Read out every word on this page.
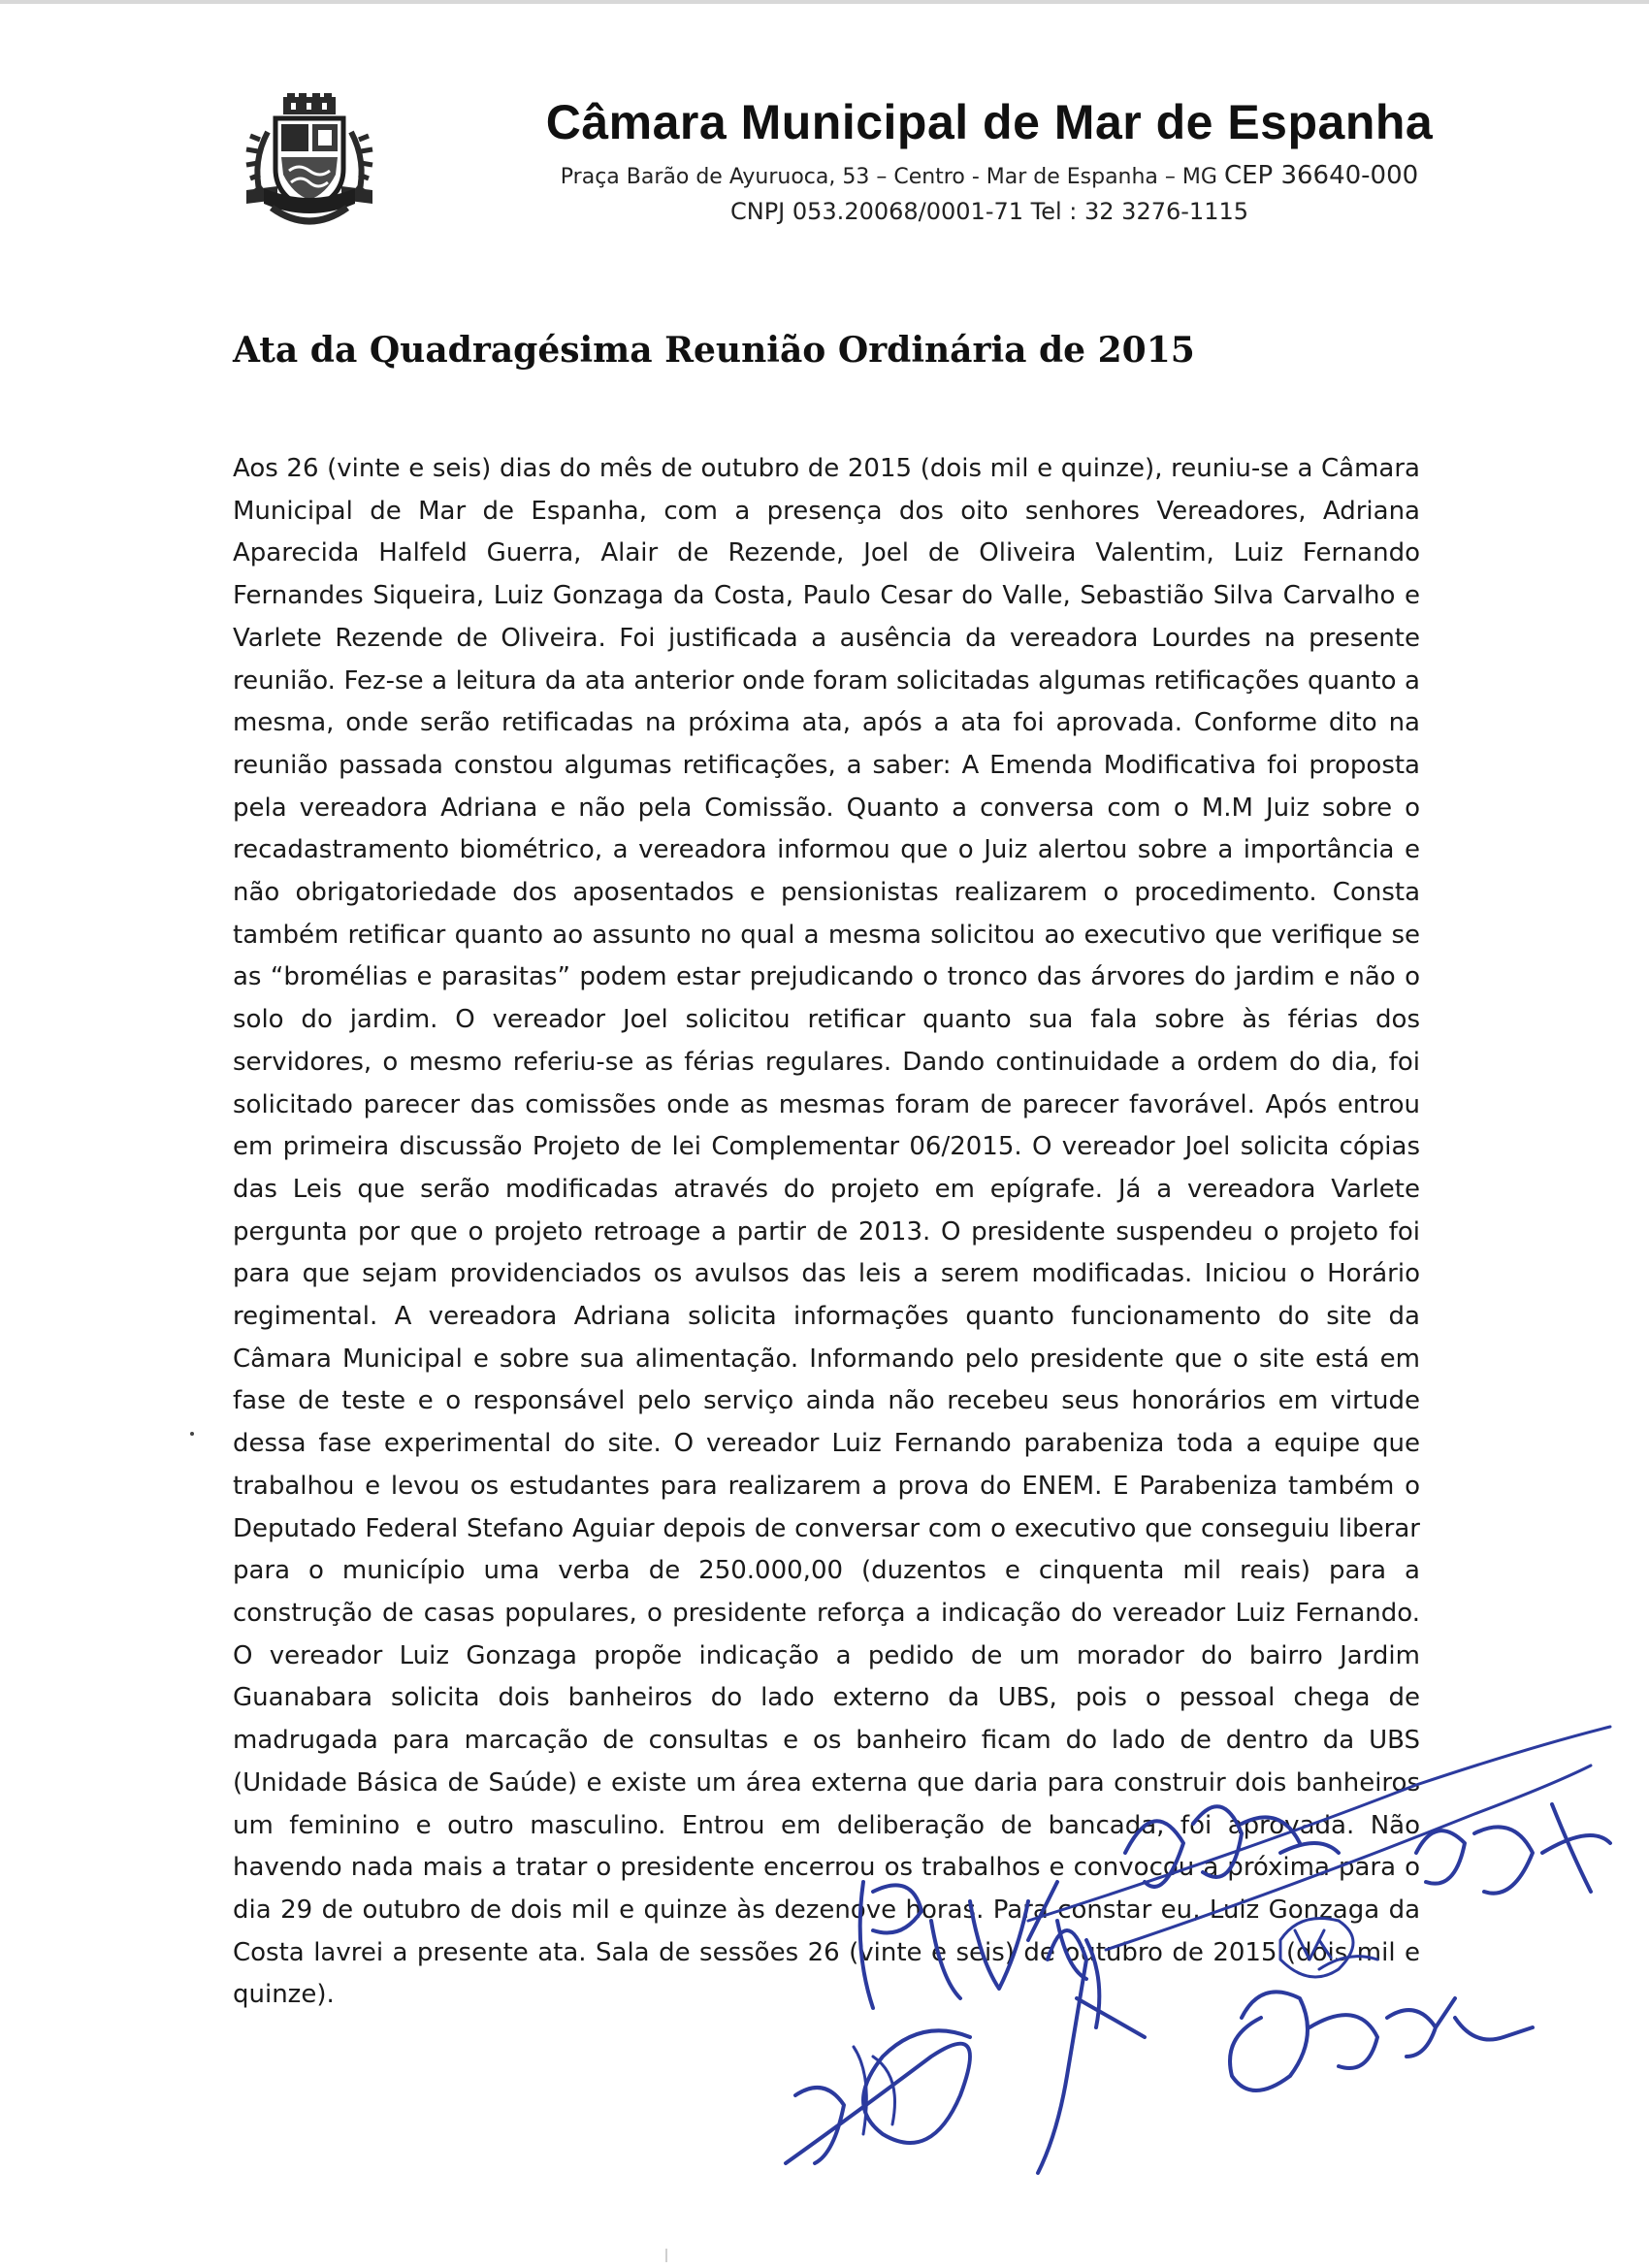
Câmara Municipal de Mar de Espanha
Praça Barão de Ayuruoca, 53 – Centro - Mar de Espanha – MG CEP 36640-000
CNPJ 053.20068/0001-71 Tel : 32 3276-1115
Ata da Quadragésima Reunião Ordinária de 2015

Aos 26 (vinte e seis) dias do mês de outubro de 2015 (dois mil e quinze), reuniu-se a Câmara Municipal de Mar de Espanha, com a presença dos oito senhores Vereadores, Adriana Aparecida Halfeld Guerra, Alair de Rezende, Joel de Oliveira Valentim, Luiz Fernando Fernandes Siqueira, Luiz Gonzaga da Costa, Paulo Cesar do Valle, Sebastião Silva Carvalho e Varlete Rezende de Oliveira. Foi justificada a ausência da vereadora Lourdes na presente reunião. Fez-se a leitura da ata anterior onde foram solicitadas algumas retificações quanto a mesma, onde serão retificadas na próxima ata, após a ata foi aprovada. Conforme dito na reunião passada constou algumas retificações, a saber: A Emenda Modificativa foi proposta pela vereadora Adriana e não pela Comissão. Quanto a conversa com o M.M Juiz sobre o recadastramento biométrico, a vereadora informou que o Juiz alertou sobre a importância e não obrigatoriedade dos aposentados e pensionistas realizarem o procedimento. Consta também retificar quanto ao assunto no qual a mesma solicitou ao executivo que verifique se as “bromélias e parasitas” podem estar prejudicando o tronco das árvores do jardim e não o solo do jardim. O vereador Joel solicitou retificar quanto sua fala sobre às férias dos servidores, o mesmo referiu-se as férias regulares. Dando continuidade a ordem do dia, foi solicitado parecer das comissões onde as mesmas foram de parecer favorável. Após entrou em primeira discussão Projeto de lei Complementar 06/2015. O vereador Joel solicita cópias das Leis que serão modificadas através do projeto em epígrafe. Já a vereadora Varlete pergunta por que o projeto retroage a partir de 2013. O presidente suspendeu o projeto foi para que sejam providenciados os avulsos das leis a serem modificadas. Iniciou o Horário regimental. A vereadora Adriana solicita informações quanto funcionamento do site da Câmara Municipal e sobre sua alimentação. Informando pelo presidente que o site está em fase de teste e o responsável pelo serviço ainda não recebeu seus honorários em virtude dessa fase experimental do site. O vereador Luiz Fernando parabeniza toda a equipe que trabalhou e levou os estudantes para realizarem a prova do ENEM. E Parabeniza também o Deputado Federal Stefano Aguiar depois de conversar com o executivo que conseguiu liberar para o município uma verba de 250.000,00 (duzentos e cinquenta mil reais) para a construção de casas populares, o presidente reforça a indicação do vereador Luiz Fernando. O vereador Luiz Gonzaga propõe indicação a pedido de um morador do bairro Jardim Guanabara solicita dois banheiros do lado externo da UBS, pois o pessoal chega de madrugada para marcação de consultas e os banheiro ficam do lado de dentro da UBS (Unidade Básica de Saúde) e existe um área externa que daria para construir dois banheiros um feminino e outro masculino. Entrou em deliberação de bancada, foi aprovada. Não havendo nada mais a tratar o presidente encerrou os trabalhos e convocou a próxima para o dia 29 de outubro de dois mil e quinze às dezenove horas. Para constar eu, Luiz Gonzaga da Costa lavrei a presente ata. Sala de sessões 26 (vinte e seis) de outubro de 2015 (dois mil e quinze).
